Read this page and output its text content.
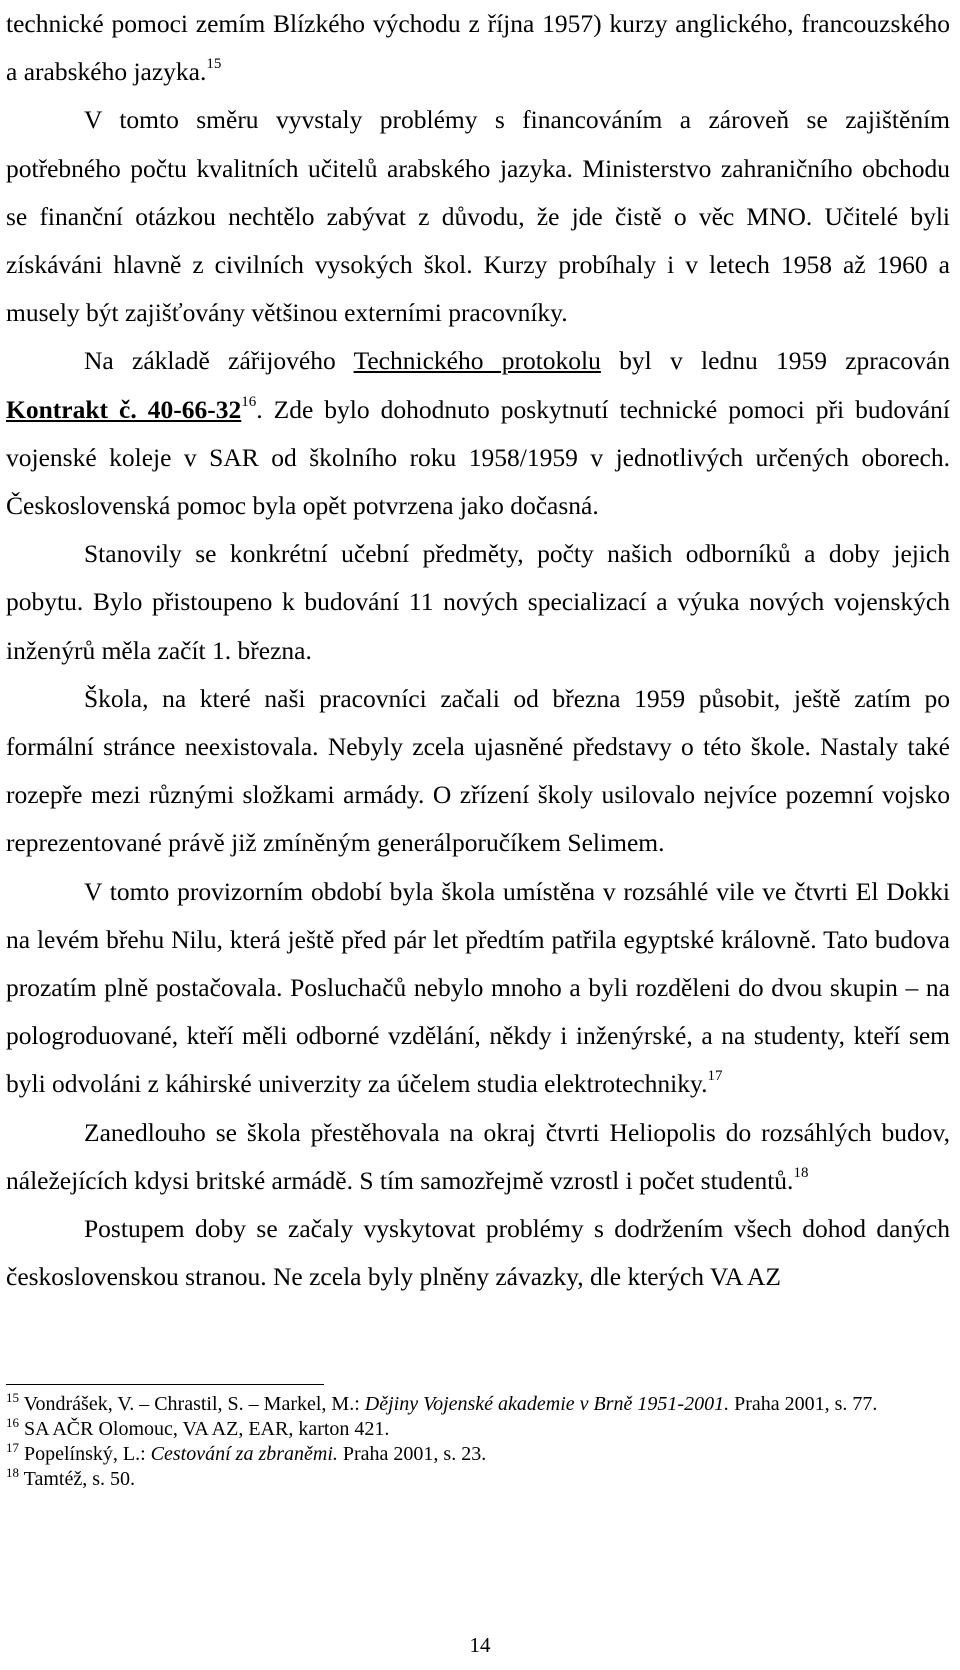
technické pomoci zemím Blízkého východu z října 1957) kurzy anglického, francouzského a arabského jazyka.$^{15}$

V tomto směru vyvstaly problémy s financováním a zároveň se zajištěním potřebného počtu kvalitních učitelů arabského jazyka. Ministerstvo zahraničního obchodu se finanční otázkou nechtělo zabývat z důvodu, že jde čistě o věc MNO. Učitelé byli získáváni hlavně z civilních vysokých škol. Kurzy probíhaly i v letech 1958 až 1960 a musely být zajišťovány většinou externími pracovníky.

Na základě zářijového Technického protokolu byl v lednu 1959 zpracován Kontrakt č. $40-66-32^{16}$. Zde bylo dohodnuto poskytnutí technické pomoci při budování vojenské koleje v SAR od školního roku 1958/1959 v jednotlivých určených oborech. Československá pomoc byla opět potvrzena jako dočasná.

Stanovily se konkrétní učební předměty, počty našich odborníků a doby jejich pobytu. Bylo přistoupeno k budování 11 nových specializací a výuka nových vojenských inženýrů měla začít 1. března.

Škola, na které naši pracovníci začali od března 1959 působit, ještě zatím po formální stránce neexistovala. Nebyly zcela ujasněné představy o této škole. Nastaly také rozepře mezi různými složkami armády. O zřízení školy usilovalo nejvíce pozemní vojsko reprezentované právě již zmíněným generálporučíkem Selimem.

V tomto provizorním období byla škola umístěna v rozsáhlé vile ve čtvrti El Dokki na levém břehu Nilu, která ještě před pár let předtím patřila egyptské královně. Tato budova prozatím plně postačovala. Posluchačů nebylo mnoho a byli rozděleni do dvou skupin – na pologroduované, kteří měli odborné vzdělání, někdy i inženýrské, a na studenty, kteří sem byli odvoláni z káhirské univerzity za účelem studia elektrotechniky.$^{17}$

Zanedlouho se škola přestěhovala na okraj čtvrti Heliopolis do rozsáhlých budov, náležejících kdysi britské armádě. S tím samozřejmě vzrostl i počet studentů.$^{18}$

Postupem doby se začaly vyskytovat problémy s dodržením všech dohod daných československou stranou. Ne zcela byly plněny závazky, dle kterých VA AZ

$^{15}$ Vondrášek, V. – Chrastil, S. – Markel, M.: Dějiny Vojenské akademie v Brně 1951-2001. Praha 2001, s. 77.
$^{16}$ SA AČR Olomouc, VA AZ, EAR, karton 421.
$^{17}$ Popelínský, L.: Cestování za zbraněmi. Praha 2001, s. 23.
$^{18}$ Tamtéž, s. 50.
14
